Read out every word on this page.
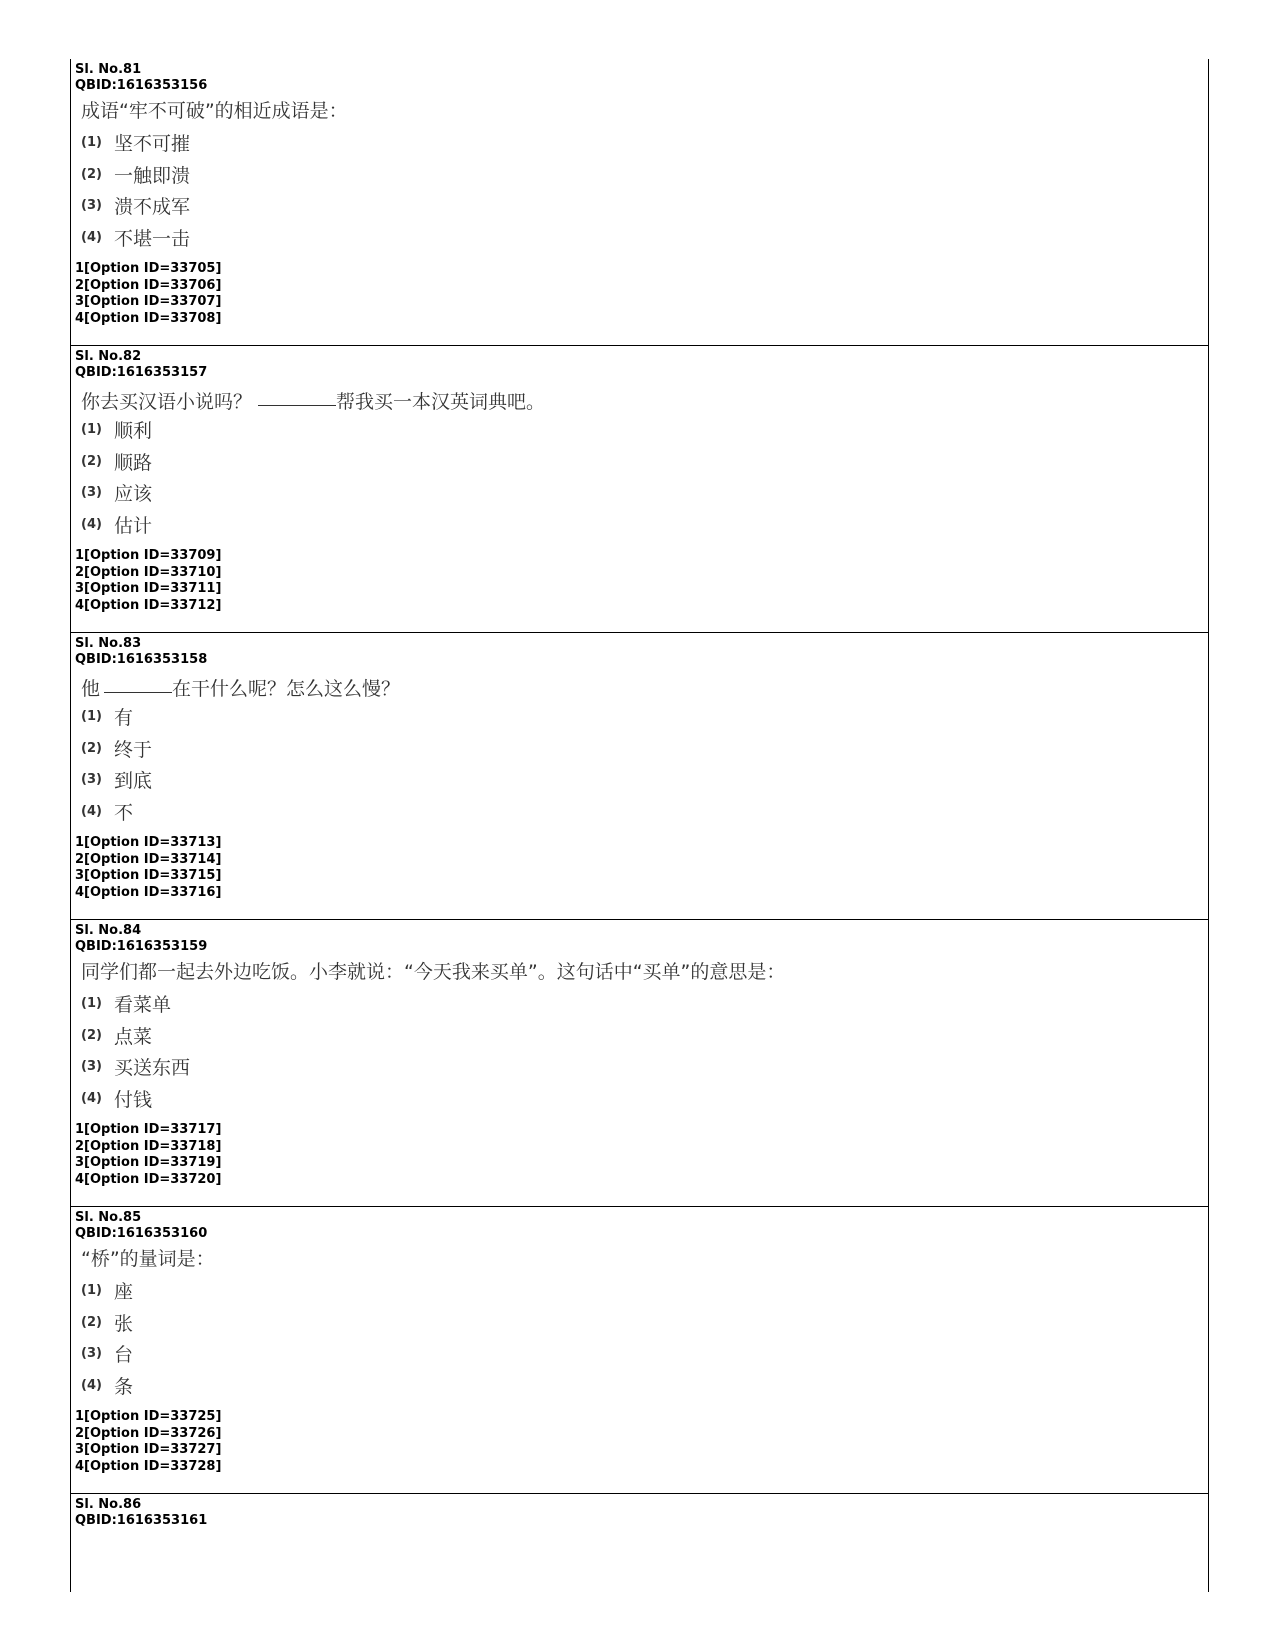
Sl. No.81
QBID:1616353156
成语“牢不可破”的相近成语是：
(1) 坚不可摧
(2) 一触即溃
(3) 溃不成军
(4) 不堪一击
1[Option ID=33705]
2[Option ID=33706]
3[Option ID=33707]
4[Option ID=33708]
Sl. No.82
QBID:1616353157
你去买汉语小说吗？	帮我买一本汉英词典吧。
(1) 顺利
(2) 顺路
(3) 应该
(4) 估计
1[Option ID=33709]
2[Option ID=33710]
3[Option ID=33711]
4[Option ID=33712]
Sl. No.83
QBID:1616353158
他	在干什么呢？怎么这么慢？
(1) 有
(2) 终于
(3) 到底
(4) 不
1[Option ID=33713]
2[Option ID=33714]
3[Option ID=33715]
4[Option ID=33716]
Sl. No.84
QBID:1616353159
同学们都一起去外边吃饭。小李就说：“今天我来买单”。这句话中“买单”的意思是：
(1) 看菜单
(2) 点菜
(3) 买送东西
(4) 付钱
1[Option ID=33717]
2[Option ID=33718]
3[Option ID=33719]
4[Option ID=33720]
Sl. No.85
QBID:1616353160
“桥”的量词是：
(1) 座
(2) 张
(3) 台
(4) 条
1[Option ID=33725]
2[Option ID=33726]
3[Option ID=33727]
4[Option ID=33728]
Sl. No.86
QBID:1616353161
